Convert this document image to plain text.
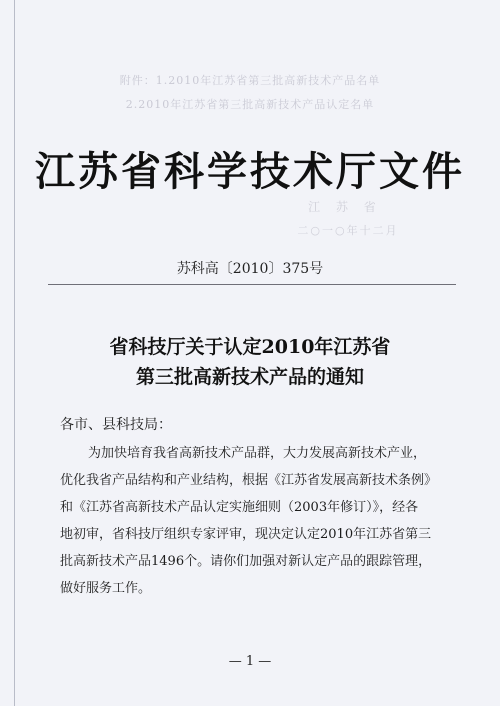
附件：1.2010年江苏省第三批高新技术产品名单
2.2010年江苏省第三批高新技术产品认定名单
江 苏 省
二○一○年十二月
江苏省科学技术厅文件
苏科高〔2010〕375号
省科技厅关于认定2010年江苏省
第三批高新技术产品的通知
各市、县科技局：
为加快培育我省高新技术产品群，大力发展高新技术产业，
优化我省产品结构和产业结构，根据《江苏省发展高新技术条例》
和《江苏省高新技术产品认定实施细则（2003年修订）》，经各
地初审，省科技厅组织专家评审，现决定认定2010年江苏省第三
批高新技术产品1496个。请你们加强对新认定产品的跟踪管理，
做好服务工作。
— 1 —
